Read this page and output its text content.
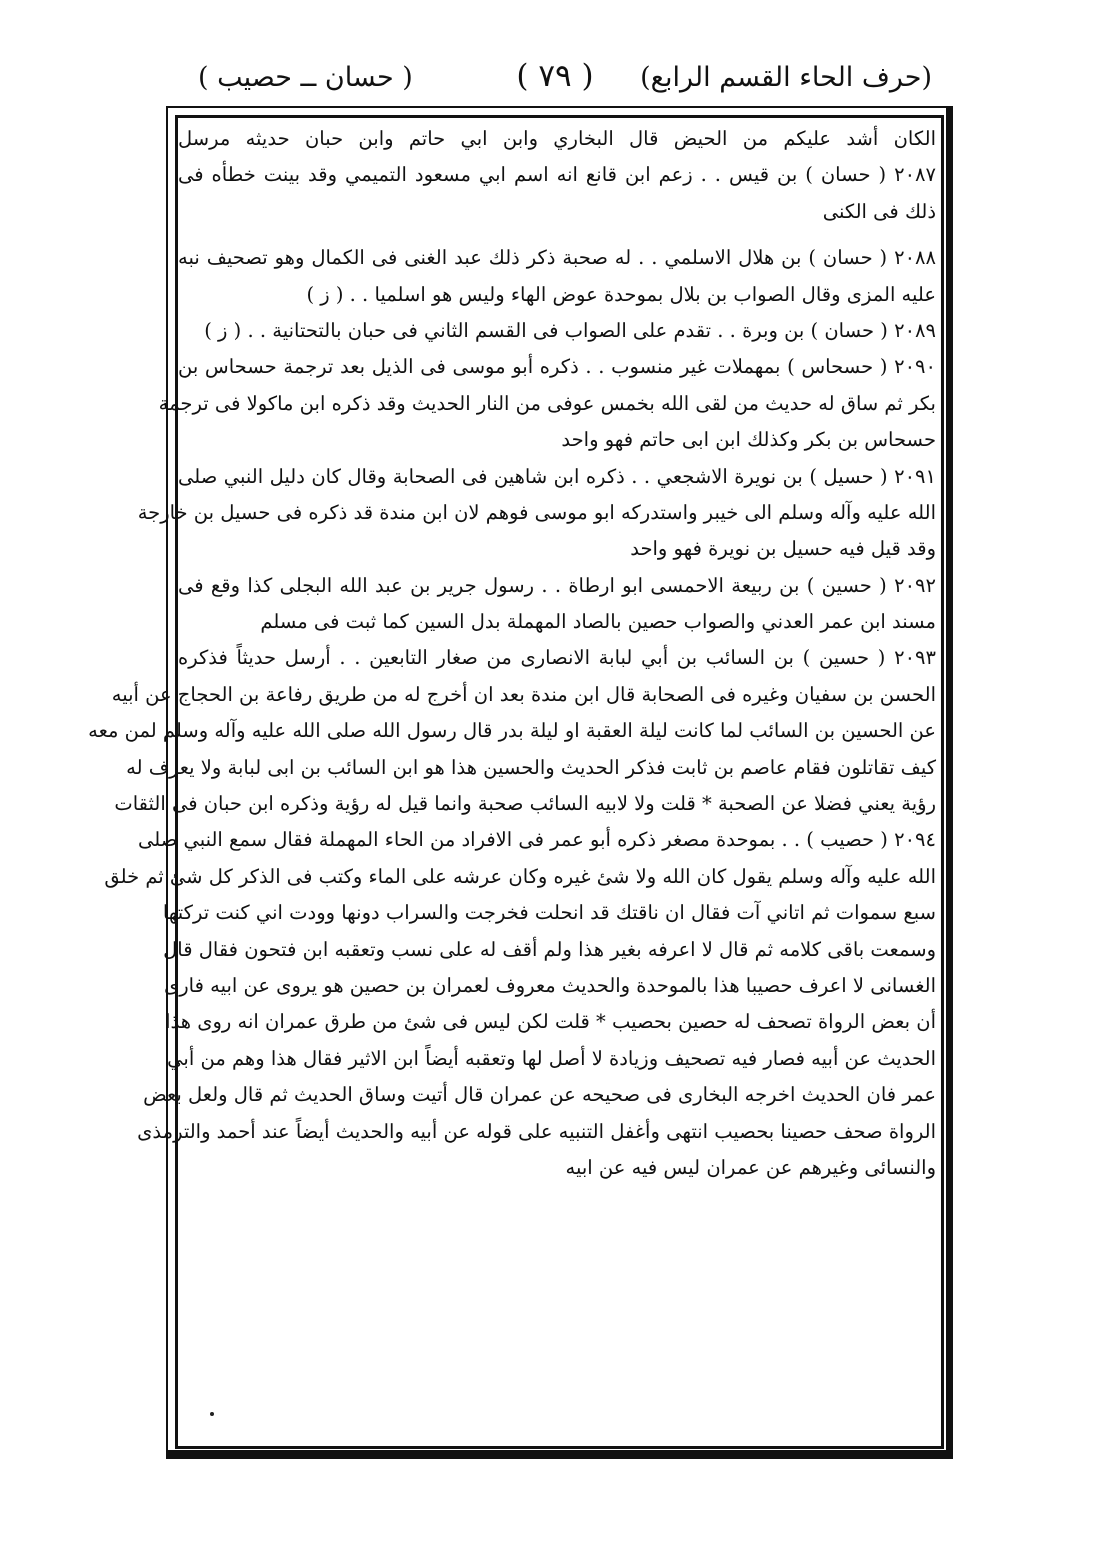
(حرف الحاء القسم الرابع)
( ٧٩ )
( حسان ــ حصيب )
الكان أشد عليكم من الحيض قال البخاري وابن ابي حاتم وابن حبان حديثه مرسل
٢٠٨٧ ( حسان ) بن قيس . . زعم ابن قانع انه اسم ابي مسعود التميمي وقد بينت خطأه فى
ذلك فى الكنى
٢٠٨٨ ( حسان ) بن هلال الاسلمي . . له صحبة ذكر ذلك عبد الغنى فى الكمال وهو تصحيف نبه
عليه المزى وقال الصواب بن بلال بموحدة عوض الهاء وليس هو اسلميا . . ( ز )
٢٠٨٩ ( حسان ) بن وبرة . . تقدم على الصواب فى القسم الثاني فى حبان بالتحتانية . . ( ز )
٢٠٩٠ ( حسحاس ) بمهملات غير منسوب . . ذكره أبو موسى فى الذيل بعد ترجمة حسحاس بن
بكر ثم ساق له حديث من لقى الله بخمس عوفى من النار الحديث وقد ذكره ابن ماكولا فى ترجمة
حسحاس بن بكر وكذلك ابن ابى حاتم فهو واحد
٢٠٩١ ( حسيل ) بن نويرة الاشجعي . . ذكره ابن شاهين فى الصحابة وقال كان دليل النبي صلى
الله عليه وآله وسلم الى خيبر واستدركه ابو موسى فوهم لان ابن مندة قد ذكره فى حسيل بن خارجة
وقد قيل فيه حسيل بن نويرة فهو واحد
٢٠٩٢ ( حسين ) بن ربيعة الاحمسى ابو ارطاة . . رسول جرير بن عبد الله البجلى كذا وقع فى
مسند ابن عمر العدني والصواب حصين بالصاد المهملة بدل السين كما ثبت فى مسلم
٢٠٩٣ ( حسين ) بن السائب بن أبي لبابة الانصارى من صغار التابعين . . أرسل حديثاً فذكره
الحسن بن سفيان وغيره فى الصحابة قال ابن مندة بعد ان أخرج له من طريق رفاعة بن الحجاج عن أبيه
عن الحسين بن السائب لما كانت ليلة العقبة او ليلة بدر قال رسول الله صلى الله عليه وآله وسلم لمن معه
كيف تقاتلون فقام عاصم بن ثابت فذكر الحديث والحسين هذا هو ابن السائب بن ابى لبابة ولا يعرف له
رؤية يعني فضلا عن الصحبة * قلت ولا لابيه السائب صحبة وانما قيل له رؤية وذكره ابن حبان فى الثقات
٢٠٩٤ ( حصيب ) . . بموحدة مصغر ذكره أبو عمر فى الافراد من الحاء المهملة فقال سمع النبي صلى
الله عليه وآله وسلم يقول كان الله ولا شئ غيره وكان عرشه على الماء وكتب فى الذكر كل شئ ثم خلق
سبع سموات ثم اتاني آت فقال ان ناقتك قد انحلت فخرجت والسراب دونها وودت اني كنت تركتها
وسمعت باقى كلامه ثم قال لا اعرفه بغير هذا ولم أقف له على نسب وتعقبه ابن فتحون فقال قال
الغسانى لا اعرف حصيبا هذا بالموحدة والحديث معروف لعمران بن حصين هو يروى عن ابيه فارى
أن بعض الرواة تصحف له حصين بحصيب * قلت لكن ليس فى شئ من طرق عمران انه روى هذا
الحديث عن أبيه فصار فيه تصحيف وزيادة لا أصل لها وتعقبه أيضاً ابن الاثير فقال هذا وهم من أبي
عمر فان الحديث اخرجه البخارى فى صحيحه عن عمران قال أتيت وساق الحديث ثم قال ولعل بعض
الرواة صحف حصينا بحصيب انتهى وأغفل التنبيه على قوله عن أبيه والحديث أيضاً عند أحمد والترمذى
والنسائى وغيرهم عن عمران ليس فيه عن ابيه
